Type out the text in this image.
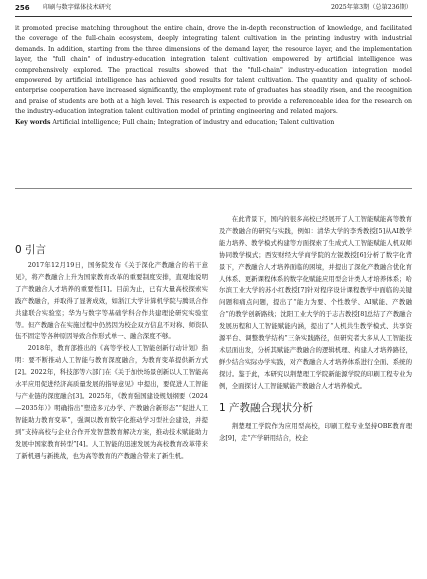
256 印刷与数字媒体技术研究	2025年第3期（总第236期）

it promoted precise matching throughout the entire chain, drove the in-depth reconstruction of knowledge, and facilitated the coverage of the full-chain ecosystem, deeply integrating talent cultivation in the printing industry with industrial demands. In addition, starting from the three dimensions of the demand layer, the resource layer, and the implementation layer, the "full chain" of industry-education integration talent cultivation empowered by artificial intelligence was comprehensively explored. The practical results showed that the "full-chain" industry-education integration model empowered by artificial intelligence has achieved good results for talent cultivation. The quantity and quality of school-enterprise cooperation have increased significantly, the employment rate of graduates has steadily risen, and the recognition and praise of students are both at a high level. This research is expected to provide a referenceable idea for the research on the industry-education integration talent cultivation model of printing engineering and related majors.

Key words Artificial intelligence; Full chain; Integration of industry and education; Talent cultivation

2017年12月19日，国务院发布《关于深化产教融合的若干意见》，将产教融合上升为国家教育改革的重要制度安排，直观地说明了产教融合人才培养的重要性[1]。目前为止，已有大量高校探索实践产教融合，并取得了显著成效，如浙江大学计算机学院与腾讯合作共建联合实验室；华为与数字等基础学科合作共建理论研究实验室等。但产教融合在实施过程中仍然因为校企双方信息不对称、师资队伍不固定等各种原因导致合作形式单一、融合深度不够。

2018年，教育部推出的《高等学校人工智能创新行动计划》指明：要不断推动人工智能与教育深度融合，为教育变革提供新方式[2]。2022年，科技部等六部门在《关于加快场景创新以人工智能高水平应用促进经济高质量发展的指导意见》中提出，要促进人工智能与产业链的深度融合[3]。2025年，《教育强国建设规划纲要（2024—2035年）》明确指出“塑造多元办学、产教融合新形态”“促进人工智能助力教育变革”，强调以教育数字化推动学习型社会建设，并提到“支持高校与企业合作开发智慧教育解决方案，推动技术赋能助力发展中国家教育转型”[4]。人工智能的迅速发展为高校教育改革带来了新机遇与新挑战，也为高等教育的产教融合带来了新生机。

0 引言

在此背景下，国内的很多高校已经展开了人工智能赋能高等教育及产教融合的研究与实践，例如：清华大学的李秀教授[5]从AI教学能力培养、教学模式构建等方面探索了生成式人工智能赋能人机双师协同教学模式；西安财经大学商学院的左锐教授[6]分析了数字化背景下，产教融合人才培养面临的困境，并提出了深化产教融合优化育人体系、更新课程体系的数字化赋能应用型会计类人才培养体系；哈尔滨工业大学的苏小红教授[7]针对程序设计课程教学中面临的关键问题和痛点问题，提出了“能力为要、个性教学、AI赋能、产教融合”的教学创新路线；沈阳工业大学的于志吉教授[8]总结了产教融合发展历程和人工智能赋能内涵，提出了“人机共生教学模式、共享资源平台、调整教学结构”三条实践路径，但研究者大多从人工智能技术层面出发，分析其赋能产教融合的逻辑机理、构建人才培养路径，鲜少结合实际办学实践，对产教融合人才培养体系进行全面、系统的探讨。鉴于此，本研究以荆楚理工学院新能源学院的印刷工程专业为例，全面探讨人工智能赋能产教融合人才培养模式。

1 产教融合现状分析

荆楚理工学院作为应用型高校，印刷工程专业坚持OBE教育理念[9]，走“产学研用结合，校企
